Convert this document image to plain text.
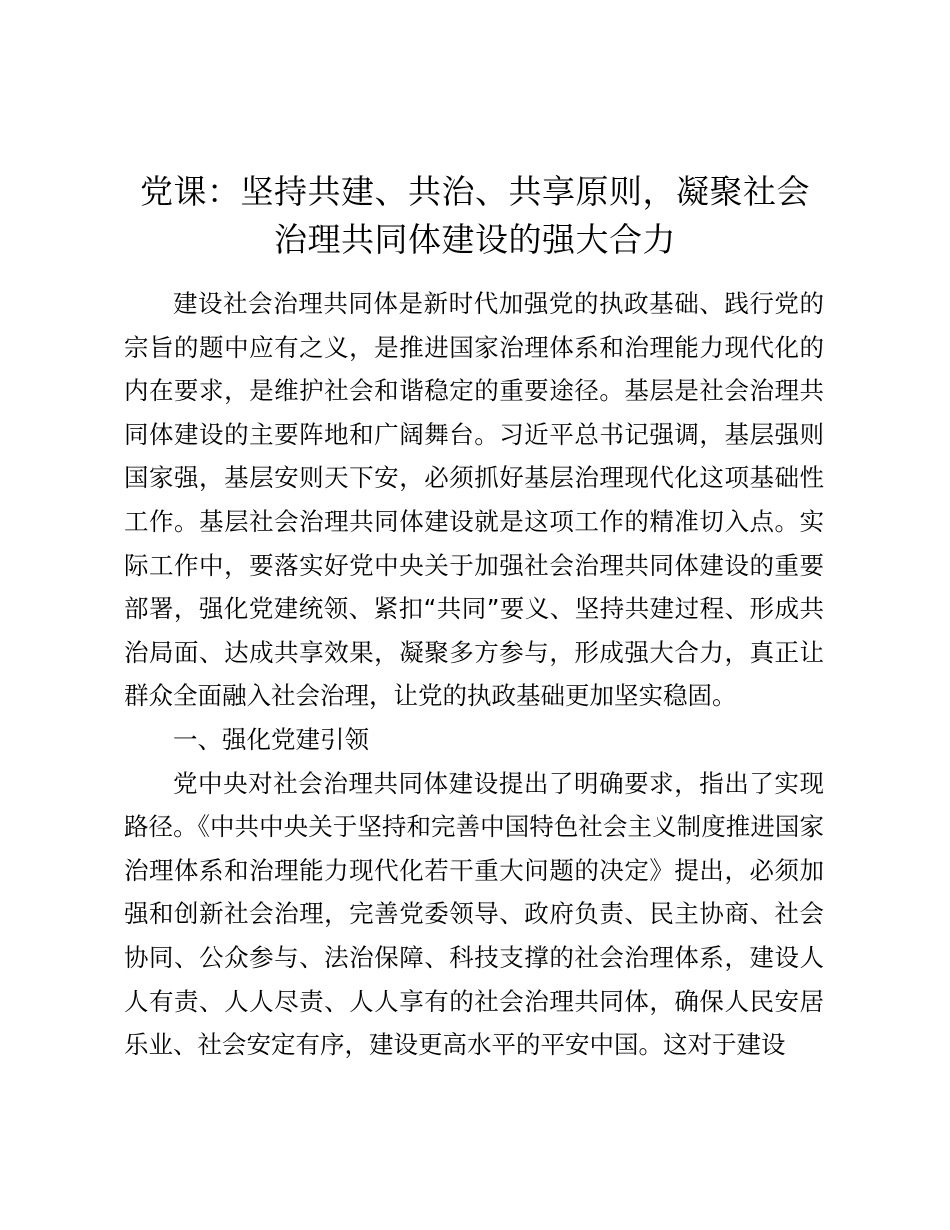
党课：坚持共建、共治、共享原则，凝聚社会
治理共同体建设的强大合力

建设社会治理共同体是新时代加强党的执政基础、践行党的宗旨的题中应有之义，是推进国家治理体系和治理能力现代化的内在要求，是维护社会和谐稳定的重要途径。基层是社会治理共同体建设的主要阵地和广阔舞台。习近平总书记强调，基层强则国家强，基层安则天下安，必须抓好基层治理现代化这项基础性工作。基层社会治理共同体建设就是这项工作的精准切入点。实际工作中，要落实好党中央关于加强社会治理共同体建设的重要部署，强化党建统领、紧扣“共同”要义、坚持共建过程、形成共治局面、达成共享效果，凝聚多方参与，形成强大合力，真正让群众全面融入社会治理，让党的执政基础更加坚实稳固。

一、强化党建引领

党中央对社会治理共同体建设提出了明确要求，指出了实现路径。《中共中央关于坚持和完善中国特色社会主义制度推进国家治理体系和治理能力现代化若干重大问题的决定》提出，必须加强和创新社会治理，完善党委领导、政府负责、民主协商、社会协同、公众参与、法治保障、科技支撑的社会治理体系，建设人人有责、人人尽责、人人享有的社会治理共同体，确保人民安居乐业、社会安定有序，建设更高水平的平安中国。这对于建设
